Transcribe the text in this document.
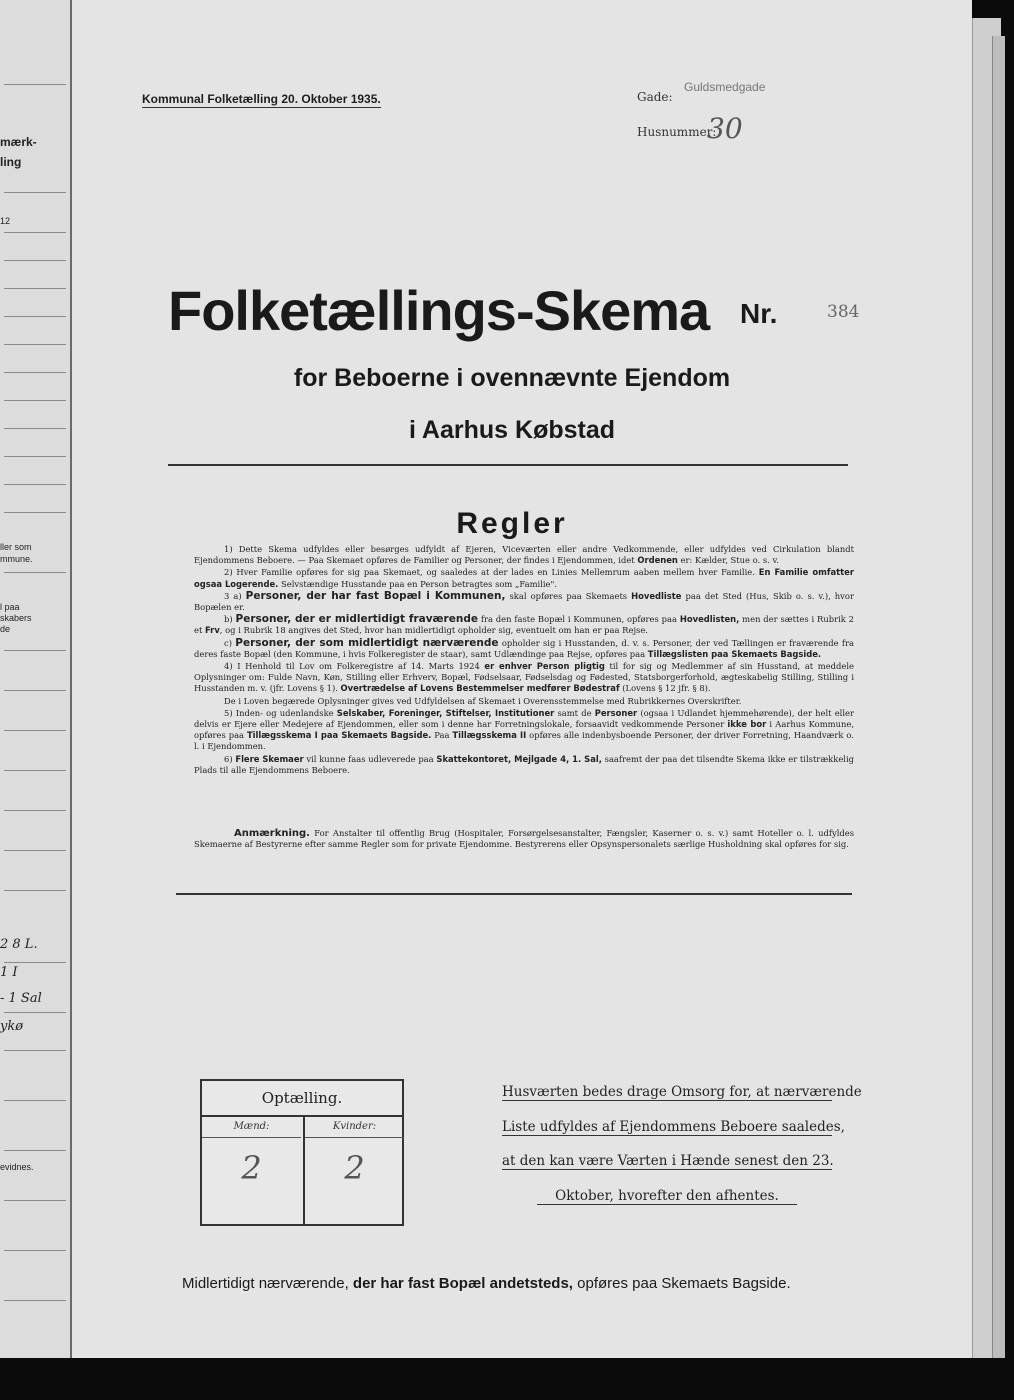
mærk-
ling
12
ller som
mmune.
l paa
skabers
de
2 8 L.
1 I
- 1 Sal
ykø
evidnes.
Kommunal Folketælling 20. Oktober 1935.	Gade:
Guldsmedgade
Husnummer:
30
Folketællings-Skema Nr.	384
for Beboerne i ovennævnte Ejendom
i Aarhus Købstad
Regler

1) Dette Skema udfyldes eller besørges udfyldt af Ejeren, Viceværten eller andre Vedkommende, eller udfyldes ved Cirkulation blandt Ejendommens Beboere. — Paa Skemaet opføres de Familier og Personer, der findes i Ejendommen, idet Ordenen er: Kælder, Stue o. s. v.

2) Hver Familie opføres for sig paa Skemaet, og saaledes at der lades en Linies Mellemrum aaben mellem hver Familie. En Familie omfatter ogsaa Logerende. Selvstændige Husstande paa en Person betragtes som „Familie".

3 a) Personer, der har fast Bopæl i Kommunen, skal opføres paa Skemaets Hovedliste paa det Sted (Hus, Skib o. s. v.), hvor Bopælen er.

b) Personer, der er midlertidigt fraværende fra den faste Bopæl i Kommunen, opføres paa Hovedlisten, men der sættes i Rubrik 2 et Frv, og i Rubrik 18 angives det Sted, hvor han midlertidigt opholder sig, eventuelt om han er paa Rejse.

c) Personer, der som midlertidigt nærværende opholder sig i Husstanden, d. v. s. Personer, der ved Tællingen er fraværende fra deres faste Bopæl (den Kommune, i hvis Folkeregister de staar), samt Udlændinge paa Rejse, opføres paa Tillægslisten paa Skemaets Bagside.

4) I Henhold til Lov om Folkeregistre af 14. Marts 1924 er enhver Person pligtig til for sig og Medlemmer af sin Husstand, at meddele Oplysninger om: Fulde Navn, Køn, Stilling eller Erhverv, Bopæl, Fødselsaar, Fødselsdag og Fødested, Statsborgerforhold, ægteskabelig Stilling, Stilling i Husstanden m. v. (jfr. Lovens § 1). Overtrædelse af Lovens Bestemmelser medfører Bødestraf (Lovens § 12 jfr. § 8).

De i Loven begærede Oplysninger gives ved Udfyldelsen af Skemaet i Overensstemmelse med Rubrikkernes Overskrifter.

5) Inden- og udenlandske Selskaber, Foreninger, Stiftelser, Institutioner samt de Personer (ogsaa i Udlandet hjemmehørende), der helt eller delvis er Ejere eller Medejere af Ejendommen, eller som i denne har Forretningslokale, forsaavidt vedkommende Personer ikke bor i Aarhus Kommune, opføres paa Tillægsskema I paa Skemaets Bagside. Paa Tillægsskema II opføres alle indenbysboende Personer, der driver Forretning, Haandværk o. l. i Ejendommen.

6) Flere Skemaer vil kunne faas udleverede paa Skattekontoret, Mejlgade 4, 1. Sal, saafremt der paa det tilsendte Skema ikke er tilstrækkelig Plads til alle Ejendommens Beboere.

Anmærkning. For Anstalter til offentlig Brug (Hospitaler, Forsørgelsesanstalter, Fængsler, Kaserner o. s. v.) samt Hoteller o. l. udfyldes Skemaerne af Bestyrerne efter samme Regler som for private Ejendomme. Bestyrerens eller Opsynspersonalets særlige Husholdning skal opføres for sig.

Optælling.
Mænd:
2
Kvinder:
2
Husværten bedes drage Omsorg for, at nærværende
Liste udfyldes af Ejendommens Beboere saaledes,
at den kan være Værten i Hænde senest den 23.
Oktober, hvorefter den afhentes.
Midlertidigt nærværende, der har fast Bopæl andetsteds, opføres paa Skemaets Bagside.
